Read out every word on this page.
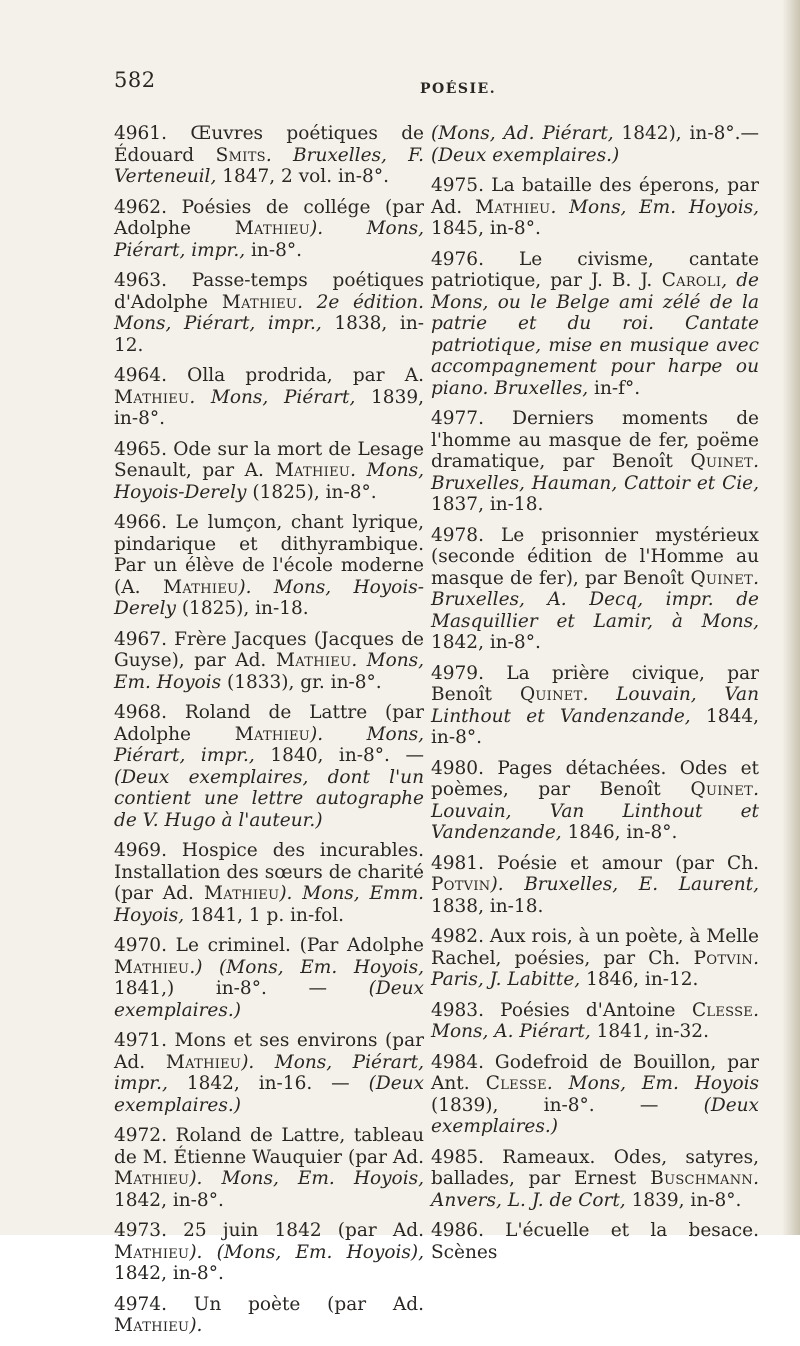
582	POÉSIE.

4961. Œuvres poétiques de Édouard Smits. Bruxelles, F. Verteneuil, 1847, 2 vol. in-8°.

4962. Poésies de collége (par Adolphe Mathieu). Mons, Piérart, impr., in-8°.

4963. Passe-temps poétiques d'Adolphe Mathieu. 2e édition. Mons, Piérart, impr., 1838, in-12.

4964. Olla prodrida, par A. Mathieu. Mons, Piérart, 1839, in-8°.

4965. Ode sur la mort de Lesage Senault, par A. Mathieu. Mons, Hoyois-Derely (1825), in-8°.

4966. Le lumçon, chant lyrique, pindarique et dithyrambique. Par un élève de l'école moderne (A. Mathieu). Mons, Hoyois-Derely (1825), in-18.

4967. Frère Jacques (Jacques de Guyse), par Ad. Mathieu. Mons, Em. Hoyois (1833), gr. in-8°.

4968. Roland de Lattre (par Adolphe Mathieu). Mons, Piérart, impr., 1840, in-8°. — (Deux exemplaires, dont l'un contient une lettre autographe de V. Hugo à l'auteur.)

4969. Hospice des incurables. Installation des sœurs de charité (par Ad. Mathieu). Mons, Emm. Hoyois, 1841, 1 p. in-fol.

4970. Le criminel. (Par Adolphe Mathieu.) (Mons, Em. Hoyois, 1841,) in-8°. — (Deux exemplaires.)

4971. Mons et ses environs (par Ad. Mathieu). Mons, Piérart, impr., 1842, in-16. — (Deux exemplaires.)

4972. Roland de Lattre, tableau de M. Étienne Wauquier (par Ad. Mathieu). Mons, Em. Hoyois, 1842, in-8°.

4973. 25 juin 1842 (par Ad. Mathieu). (Mons, Em. Hoyois), 1842, in-8°.

4974. Un poète (par Ad. Mathieu).

(Mons, Ad. Piérart, 1842), in-8°.— (Deux exemplaires.)

4975. La bataille des éperons, par Ad. Mathieu. Mons, Em. Hoyois, 1845, in-8°.

4976. Le civisme, cantate patriotique, par J. B. J. Caroli, de Mons, ou le Belge ami zélé de la patrie et du roi. Cantate patriotique, mise en musique avec accompagnement pour harpe ou piano. Bruxelles, in-f°.

4977. Derniers moments de l'homme au masque de fer, poëme dramatique, par Benoît Quinet. Bruxelles, Hauman, Cattoir et Cie, 1837, in-18.

4978. Le prisonnier mystérieux (seconde édition de l'Homme au masque de fer), par Benoît Quinet. Bruxelles, A. Decq, impr. de Masquillier et Lamir, à Mons, 1842, in-8°.

4979. La prière civique, par Benoît Quinet. Louvain, Van Linthout et Vandenzande, 1844, in-8°.

4980. Pages détachées. Odes et poèmes, par Benoît Quinet. Louvain, Van Linthout et Vandenzande, 1846, in-8°.

4981. Poésie et amour (par Ch. Potvin). Bruxelles, E. Laurent, 1838, in-18.

4982. Aux rois, à un poète, à Melle Rachel, poésies, par Ch. Potvin. Paris, J. Labitte, 1846, in-12.

4983. Poésies d'Antoine Clesse. Mons, A. Piérart, 1841, in-32.

4984. Godefroid de Bouillon, par Ant. Clesse. Mons, Em. Hoyois (1839), in-8°. — (Deux exemplaires.)

4985. Rameaux. Odes, satyres, ballades, par Ernest Buschmann. Anvers, L. J. de Cort, 1839, in-8°.

4986. L'écuelle et la besace. Scènes
